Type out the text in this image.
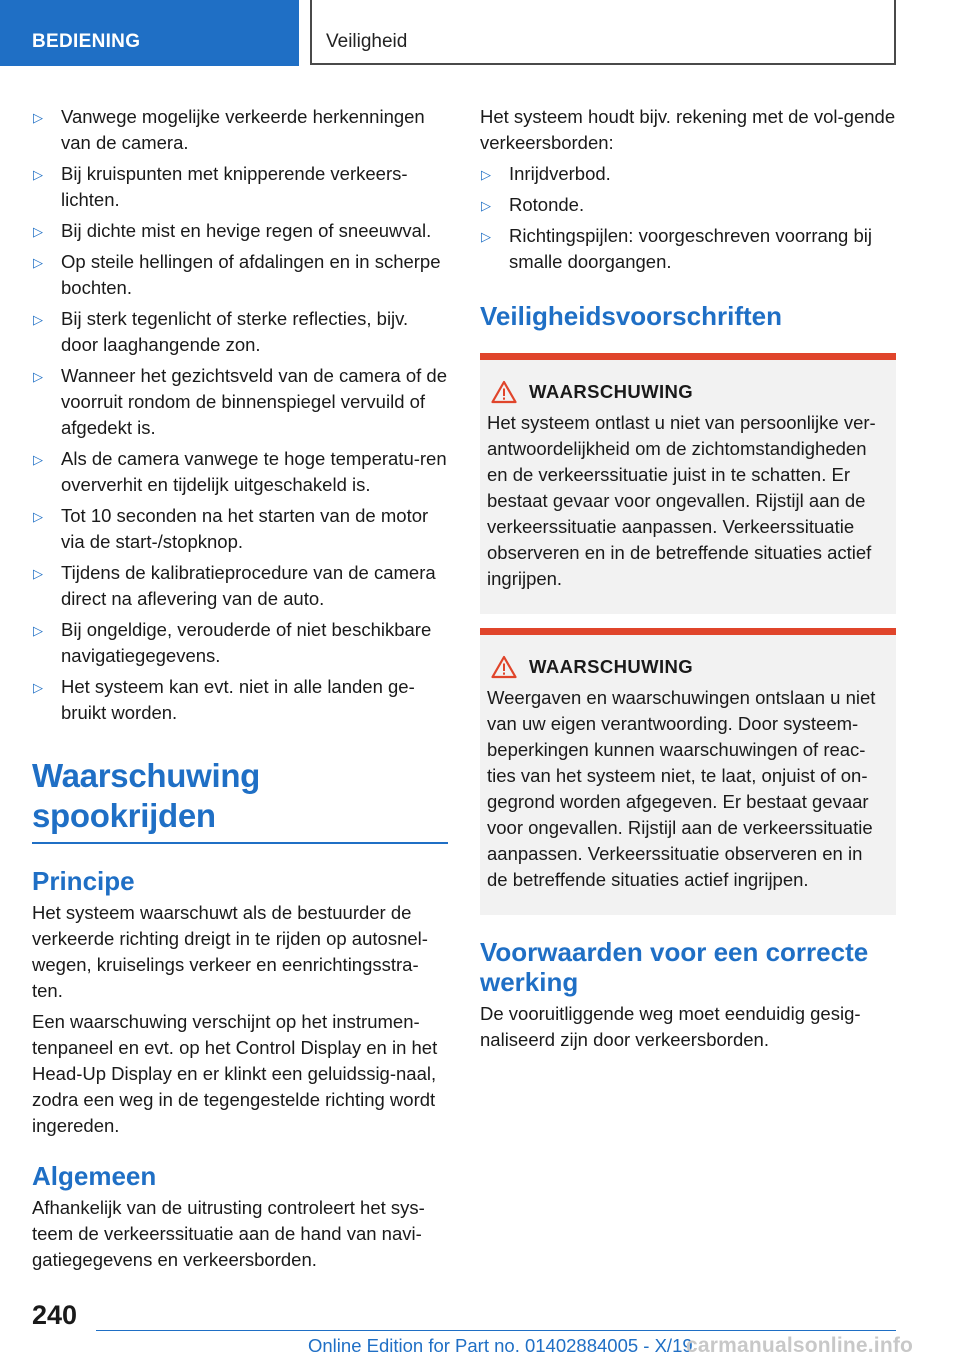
BEDIENING	Veiligheid
▷ Vanwege mogelijke verkeerde herkenningen van de camera.
▷ Bij kruispunten met knipperende verkeers-lichten.
▷ Bij dichte mist en hevige regen of sneeuwval.
▷ Op steile hellingen of afdalingen en in scherpe bochten.
▷ Bij sterk tegenlicht of sterke reflecties, bijv. door laaghangende zon.
▷ Wanneer het gezichtsveld van de camera of de voorruit rondom de binnenspiegel vervuild of afgedekt is.
▷ Als de camera vanwege te hoge temperatu-ren oververhit en tijdelijk uitgeschakeld is.
▷ Tot 10 seconden na het starten van de motor via de start-/stopknop.
▷ Tijdens de kalibratieprocedure van de camera direct na aflevering van de auto.
▷ Bij ongeldige, verouderde of niet beschikbare navigatiegegevens.
▷ Het systeem kan evt. niet in alle landen ge-bruikt worden.
Waarschuwing spookrijden
Principe

Het systeem waarschuwt als de bestuurder de verkeerde richting dreigt in te rijden op autosnel-wegen, kruiselings verkeer en eenrichtingsstra-ten.

Een waarschuwing verschijnt op het instrumen-tenpaneel en evt. op het Control Display en in het Head-Up Display en er klinkt een geluidssig-naal, zodra een weg in de tegengestelde richting wordt ingereden.

Algemeen

Afhankelijk van de uitrusting controleert het sys-teem de verkeerssituatie aan de hand van navi-gatiegegevens en verkeersborden.

Het systeem houdt bijv. rekening met de vol-gende verkeersborden:

▷ Inrijdverbod.
▷ Rotonde.
▷ Richtingspijlen: voorgeschreven voorrang bij smalle doorgangen.
Veiligheidsvoorschriften
WAARSCHUWING
Het systeem ontlast u niet van persoonlijke ver-antwoordelijkheid om de zichtomstandigheden en de verkeerssituatie juist in te schatten. Er bestaat gevaar voor ongevallen. Rijstijl aan de verkeerssituatie aanpassen. Verkeerssituatie observeren en in de betreffende situaties actief ingrijpen.
WAARSCHUWING
Weergaven en waarschuwingen ontslaan u niet van uw eigen verantwoording. Door systeem-beperkingen kunnen waarschuwingen of reac-ties van het systeem niet, te laat, onjuist of on-gegrond worden afgegeven. Er bestaat gevaar voor ongevallen. Rijstijl aan de verkeerssituatie aanpassen. Verkeerssituatie observeren en in de betreffende situaties actief ingrijpen.
Voorwaarden voor een correcte werking

De vooruitliggende weg moet eenduidig gesig-naliseerd zijn door verkeersborden.

240
Online Edition for Part no. 01402884005 - X/19
carmanualsonline.info
